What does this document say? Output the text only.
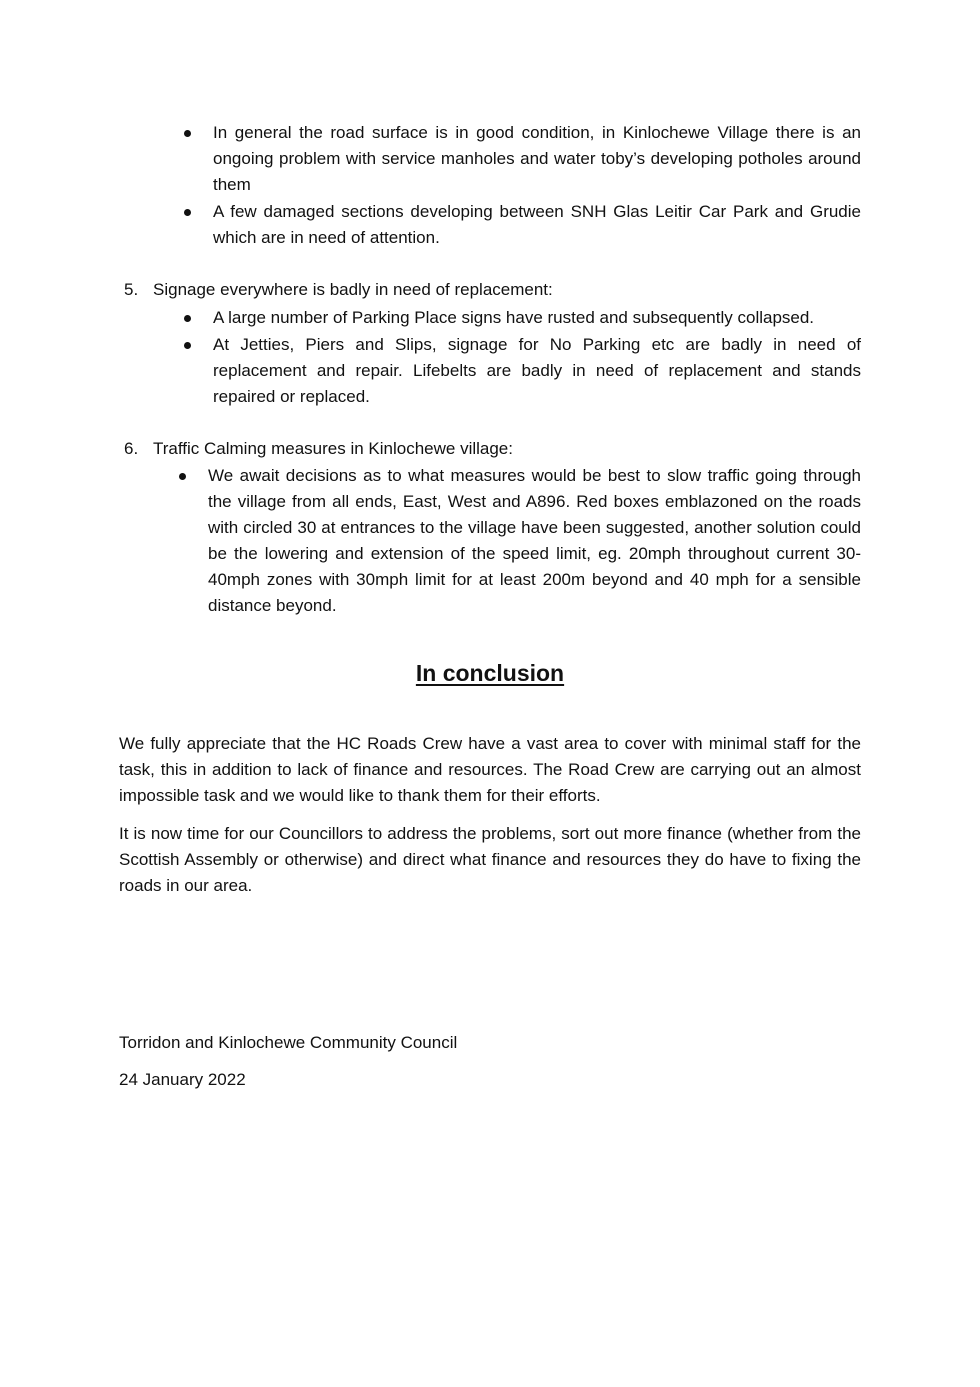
In general the road surface is in good condition, in Kinlochewe Village there is an ongoing problem with service manholes and water toby’s developing potholes around them
A few damaged sections developing between SNH Glas Leitir Car Park and Grudie which are in need of attention.
5. Signage everywhere is badly in need of replacement:
A large number of Parking Place signs have rusted and subsequently collapsed.
At Jetties, Piers and Slips, signage for No Parking etc are badly in need of replacement and repair. Lifebelts are badly in need of replacement and stands repaired or replaced.
6. Traffic Calming measures in Kinlochewe village:
We await decisions as to what measures would be best to slow traffic going through the village from all ends, East, West and A896. Red boxes emblazoned on the roads with circled 30 at entrances to the village have been suggested, another solution could be the lowering and extension of the speed limit, eg. 20mph throughout current 30-40mph zones with 30mph limit for at least 200m beyond and 40 mph for a sensible distance beyond.
In conclusion

We fully appreciate that the HC Roads Crew have a vast area to cover with minimal staff for the task, this in addition to lack of finance and resources. The Road Crew are carrying out an almost impossible task and we would like to thank them for their efforts.

It is now time for our Councillors to address the problems, sort out more finance (whether from the Scottish Assembly or otherwise) and direct what finance and resources they do have to fixing the roads in our area.

Torridon and Kinlochewe Community Council

24 January 2022
